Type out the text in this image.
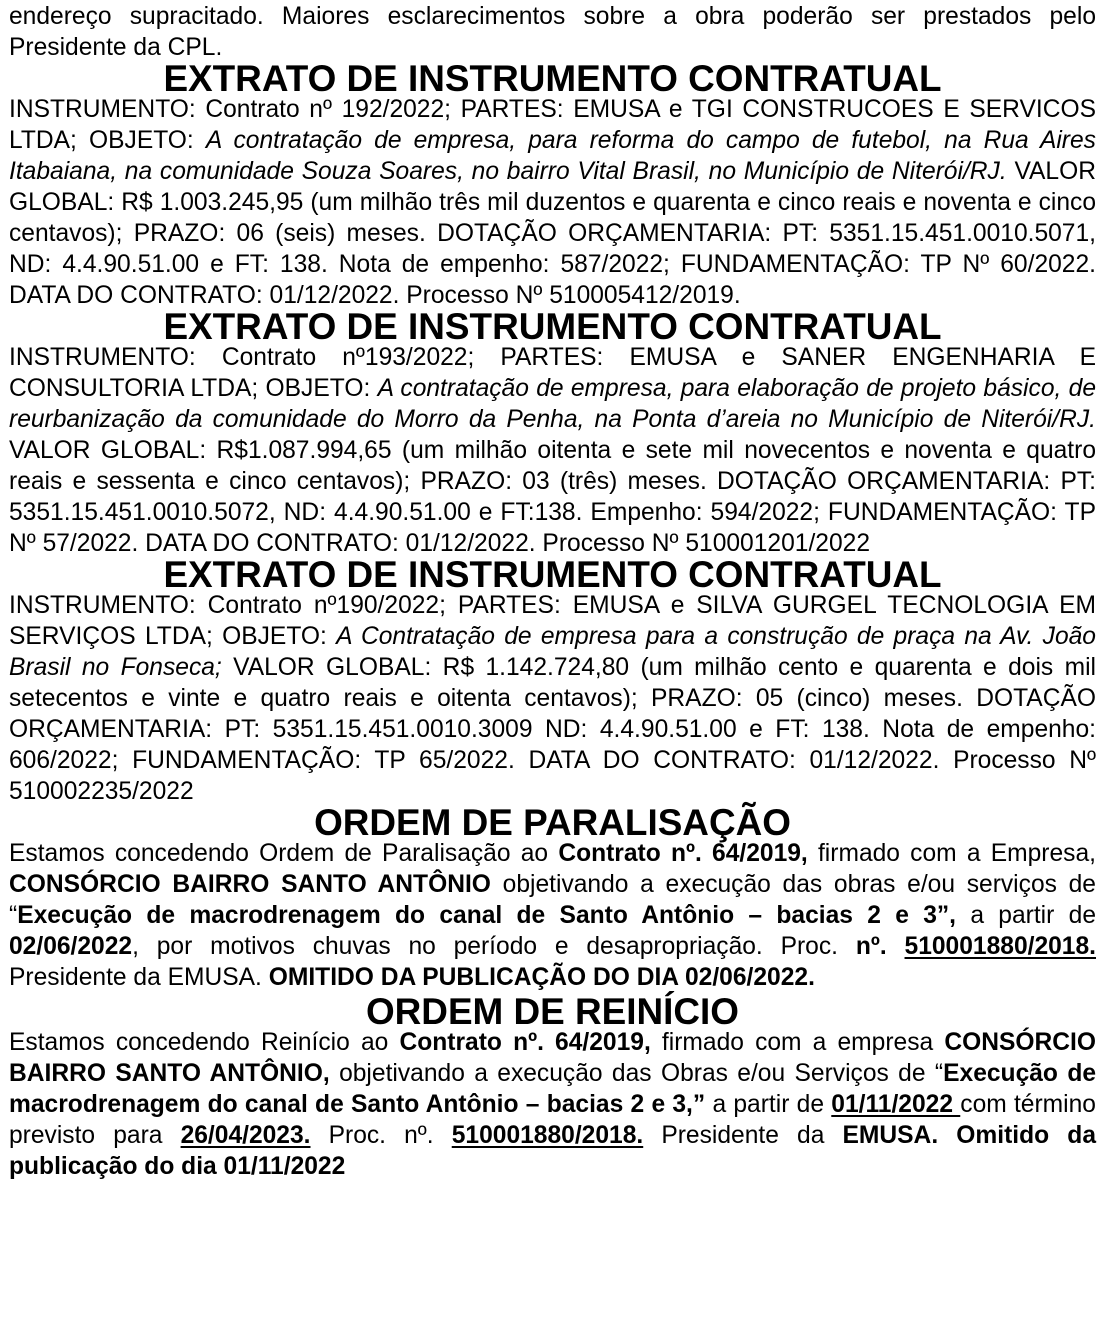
endereço supracitado. Maiores esclarecimentos sobre a obra poderão ser prestados pelo Presidente da CPL.

EXTRATO DE INSTRUMENTO CONTRATUAL

INSTRUMENTO: Contrato nº 192/2022; PARTES: EMUSA e TGI CONSTRUCOES E SERVICOS LTDA; OBJETO: A contratação de empresa, para reforma do campo de futebol, na Rua Aires Itabaiana, na comunidade Souza Soares, no bairro Vital Brasil, no Município de Niterói/RJ. VALOR GLOBAL: R$ 1.003.245,95 (um milhão três mil duzentos e quarenta e cinco reais e noventa e cinco centavos); PRAZO: 06 (seis) meses. DOTAÇÃO ORÇAMENTARIA: PT: 5351.15.451.0010.5071, ND: 4.4.90.51.00 e FT: 138. Nota de empenho: 587/2022; FUNDAMENTAÇÃO: TP Nº 60/2022. DATA DO CONTRATO: 01/12/2022. Processo Nº 510005412/2019.

EXTRATO DE INSTRUMENTO CONTRATUAL

INSTRUMENTO: Contrato nº193/2022; PARTES: EMUSA e SANER ENGENHARIA E CONSULTORIA LTDA; OBJETO: A contratação de empresa, para elaboração de projeto básico, de reurbanização da comunidade do Morro da Penha, na Ponta d’areia no Município de Niterói/RJ. VALOR GLOBAL: R$1.087.994,65 (um milhão oitenta e sete mil novecentos e noventa e quatro reais e sessenta e cinco centavos); PRAZO: 03 (três) meses. DOTAÇÃO ORÇAMENTARIA: PT: 5351.15.451.0010.5072, ND: 4.4.90.51.00 e FT:138. Empenho: 594/2022; FUNDAMENTAÇÃO: TP Nº 57/2022. DATA DO CONTRATO: 01/12/2022. Processo Nº 510001201/2022

EXTRATO DE INSTRUMENTO CONTRATUAL

INSTRUMENTO: Contrato nº190/2022; PARTES: EMUSA e SILVA GURGEL TECNOLOGIA EM SERVIÇOS LTDA; OBJETO: A Contratação de empresa para a construção de praça na Av. João Brasil no Fonseca; VALOR GLOBAL: R$ 1.142.724,80 (um milhão cento e quarenta e dois mil setecentos e vinte e quatro reais e oitenta centavos); PRAZO: 05 (cinco) meses. DOTAÇÃO ORÇAMENTARIA: PT: 5351.15.451.0010.3009 ND: 4.4.90.51.00 e FT: 138. Nota de empenho: 606/2022; FUNDAMENTAÇÃO: TP 65/2022. DATA DO CONTRATO: 01/12/2022. Processo Nº 510002235/2022

ORDEM DE PARALISAÇÃO

Estamos concedendo Ordem de Paralisação ao Contrato nº. 64/2019, firmado com a Empresa, CONSÓRCIO BAIRRO SANTO ANTÔNIO objetivando a execução das obras e/ou serviços de “Execução de macrodrenagem do canal de Santo Antônio – bacias 2 e 3”, a partir de 02/06/2022, por motivos chuvas no período e desapropriação. Proc. nº. 510001880/2018. Presidente da EMUSA. OMITIDO DA PUBLICAÇÃO DO DIA 02/06/2022.

ORDEM DE REINÍCIO

Estamos concedendo Reinício ao Contrato nº. 64/2019, firmado com a empresa CONSÓRCIO BAIRRO SANTO ANTÔNIO, objetivando a execução das Obras e/ou Serviços de “Execução de macrodrenagem do canal de Santo Antônio – bacias 2 e 3,” a partir de 01/11/2022 com término previsto para 26/04/2023. Proc. nº. 510001880/2018. Presidente da EMUSA. Omitido da publicação do dia 01/11/2022
